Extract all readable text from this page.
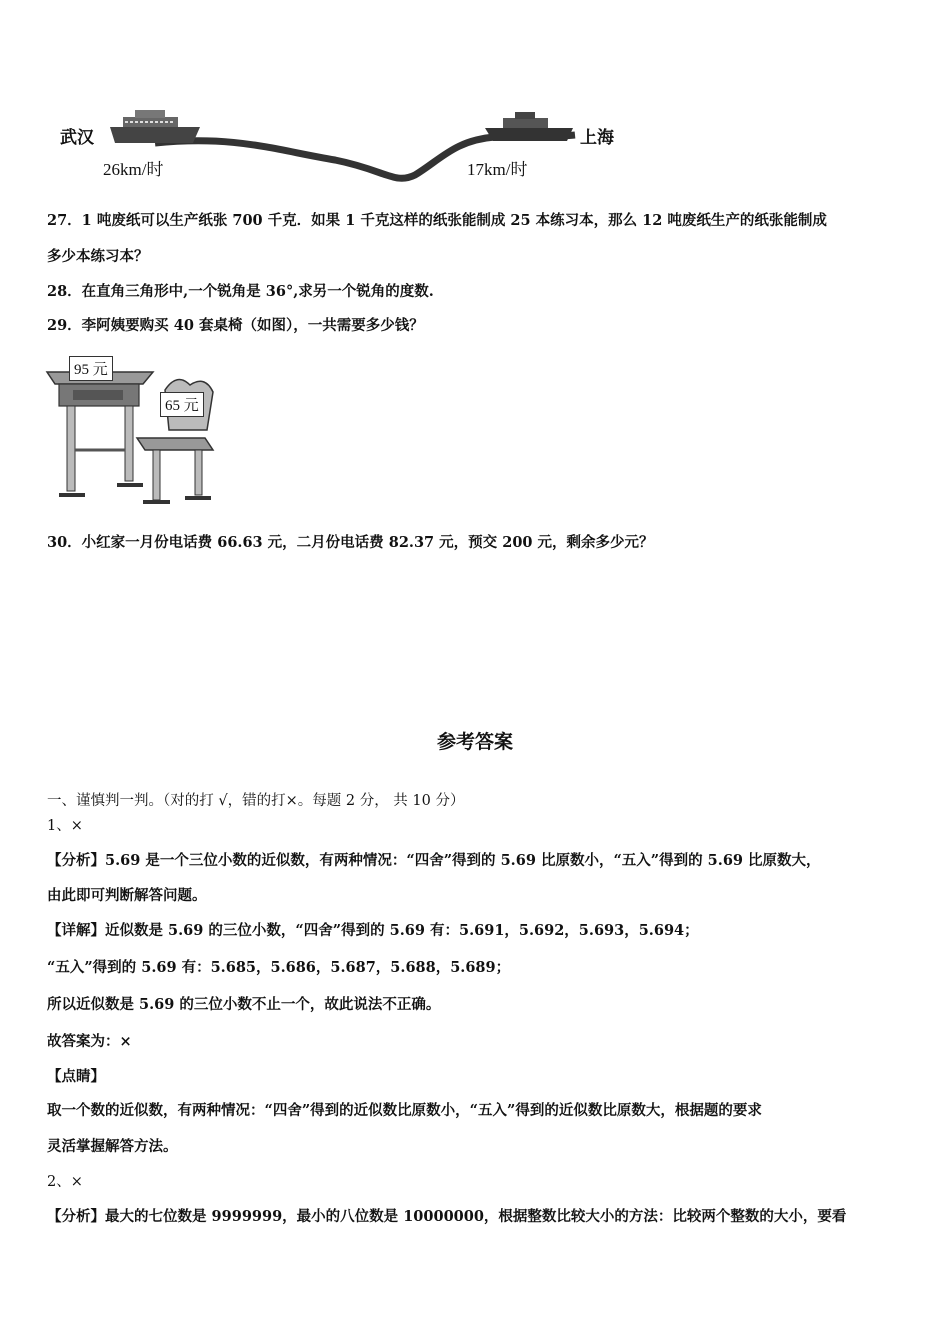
武汉	上海
26km/时	17km/时
27．1 吨废纸可以生产纸张 700 千克．如果 1 千克这样的纸张能制成 25 本练习本，那么 12 吨废纸生产的纸张能制成
多少本练习本？
28．在直角三角形中,一个锐角是 36°,求另一个锐角的度数.
29．李阿姨要购买 40 套桌椅（如图），一共需要多少钱？
95 元
65 元
30．小红家一月份电话费 66.63 元，二月份电话费 82.37 元，预交 200 元，剩余多少元？
参考答案
一、谨慎判一判。（对的打 √，错的打×。每题 2 分， 共 10 分）
1、×
【分析】5.69 是一个三位小数的近似数，有两种情况：“四舍”得到的 5.69 比原数小，“五入”得到的 5.69 比原数大，
由此即可判断解答问题。
【详解】近似数是 5.69 的三位小数，“四舍”得到的 5.69 有：5.691，5.692，5.693，5.694；
“五入”得到的 5.69 有：5.685，5.686，5.687，5.688，5.689；
所以近似数是 5.69 的三位小数不止一个，故此说法不正确。
故答案为：×
【点睛】
取一个数的近似数，有两种情况：“四舍”得到的近似数比原数小，“五入”得到的近似数比原数大，根据题的要求
灵活掌握解答方法。
2、×
【分析】最大的七位数是 9999999，最小的八位数是 10000000，根据整数比较大小的方法：比较两个整数的大小，要看
